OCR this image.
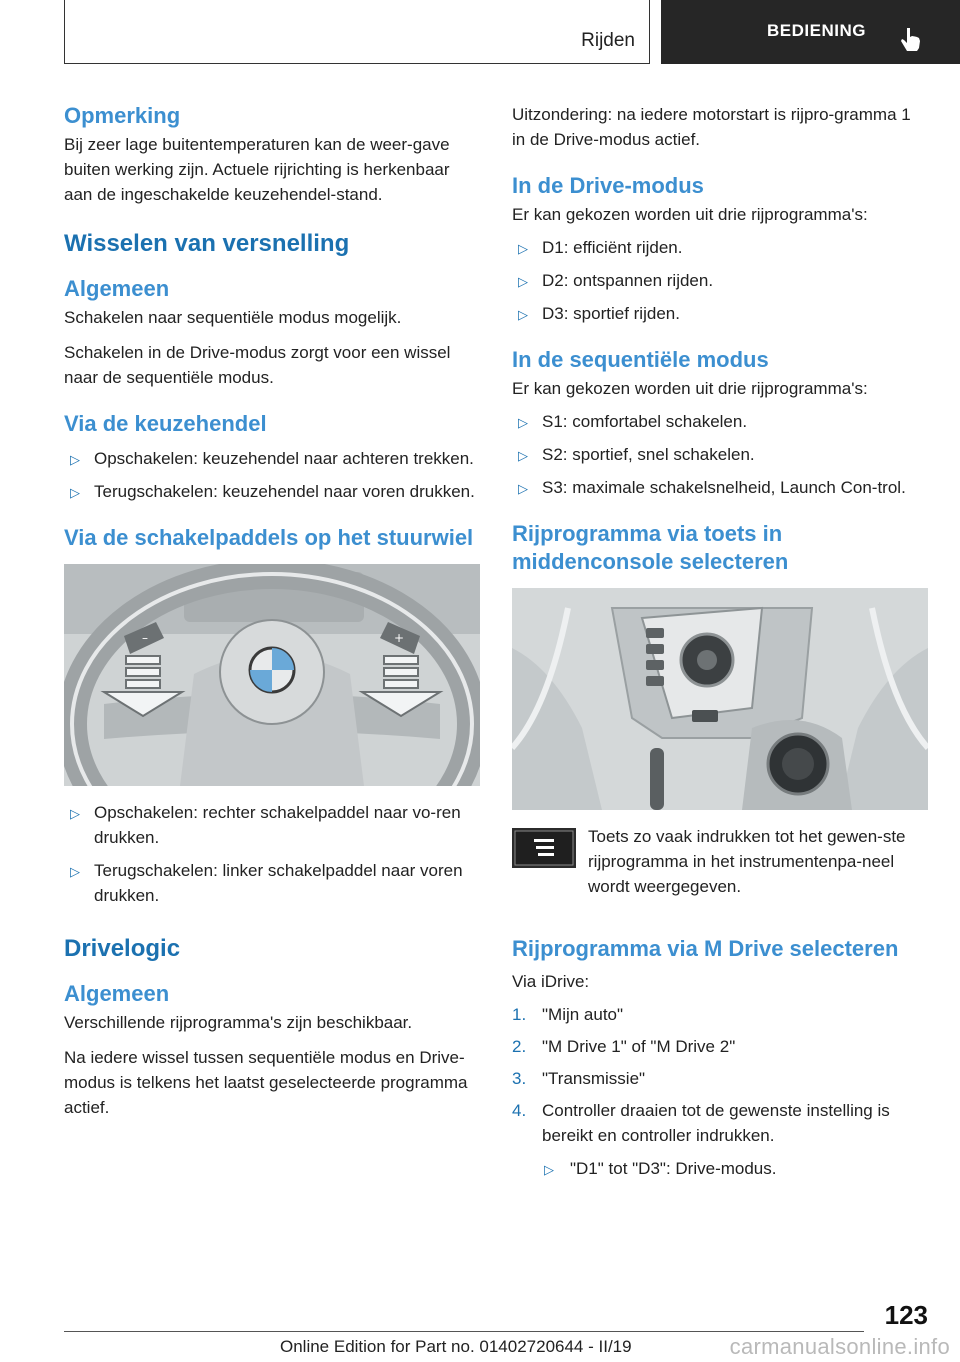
Rijden	BEDIENING
Opmerking
Bij zeer lage buitentemperaturen kan de weer-gave buiten werking zijn. Actuele rijrichting is herkenbaar aan de ingeschakelde keuzehendel-stand.
Wisselen van versnelling
Algemeen
Schakelen naar sequentiële modus mogelijk.
Schakelen in de Drive-modus zorgt voor een wissel naar de sequentiële modus.
Via de keuzehendel
▷ Opschakelen: keuzehendel naar achteren trekken.
▷ Terugschakelen: keuzehendel naar voren drukken.
Via de schakelpaddels op het stuurwiel
–	+
▷ Opschakelen: rechter schakelpaddel naar vo-ren drukken.
▷ Terugschakelen: linker schakelpaddel naar voren drukken.
Drivelogic
Algemeen
Verschillende rijprogramma's zijn beschikbaar.
Na iedere wissel tussen sequentiële modus en Drive-modus is telkens het laatst geselecteerde programma actief.
Uitzondering: na iedere motorstart is rijpro-gramma 1 in de Drive-modus actief.
In de Drive-modus
Er kan gekozen worden uit drie rijprogramma's:
▷ D1: efficiënt rijden.
▷ D2: ontspannen rijden.
▷ D3: sportief rijden.
In de sequentiële modus
Er kan gekozen worden uit drie rijprogramma's:
▷ S1: comfortabel schakelen.
▷ S2: sportief, snel schakelen.
▷ S3: maximale schakelsnelheid, Launch Con-trol.
Rijprogramma via toets in middenconsole selecteren
Toets zo vaak indrukken tot het gewen-ste rijprogramma in het instrumentenpa-neel wordt weergegeven.
Rijprogramma via M Drive selecteren
Via iDrive:
1. "Mijn auto"
2. "M Drive 1" of "M Drive 2"
3. "Transmissie"
4. Controller draaien tot de gewenste instelling is bereikt en controller indrukken.
▷ "D1" tot "D3": Drive-modus.
123
Online Edition for Part no. 01402720644 - II/19	carmanualsonline.info
